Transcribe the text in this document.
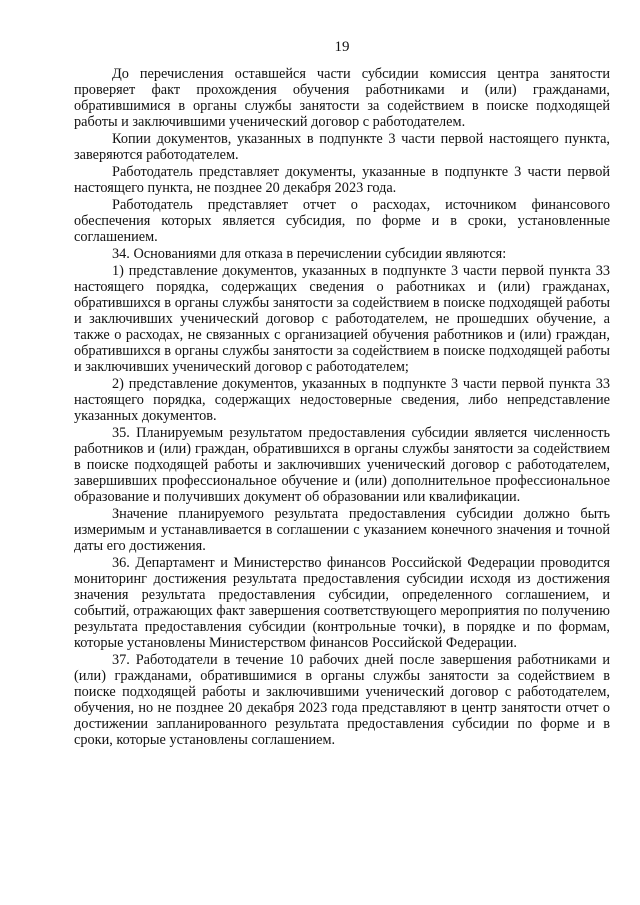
19

До перечисления оставшейся части субсидии комиссия центра занятости проверяет факт прохождения обучения работниками и (или) гражданами, обратившимися в органы службы занятости за содействием в поиске подходящей работы и заключившими ученический договор с работодателем.

Копии документов, указанных в подпункте 3 части первой настоящего пункта, заверяются работодателем.

Работодатель представляет документы, указанные в подпункте 3 части первой настоящего пункта, не позднее 20 декабря 2023 года.

Работодатель представляет отчет о расходах, источником финансового обеспечения которых является субсидия, по форме и в сроки, установленные соглашением.

34. Основаниями для отказа в перечислении субсидии являются:

1) представление документов, указанных в подпункте 3 части первой пункта 33 настоящего порядка, содержащих сведения о работниках и (или) гражданах, обратившихся в органы службы занятости за содействием в поиске подходящей работы и заключивших ученический договор с работодателем, не прошедших обучение, а также о расходах, не связанных с организацией обучения работников и (или) граждан, обратившихся в органы службы занятости за содействием в поиске подходящей работы и заключивших ученический договор с работодателем;

2) представление документов, указанных в подпункте 3 части первой пункта 33 настоящего порядка, содержащих недостоверные сведения, либо непредставление указанных документов.

35. Планируемым результатом предоставления субсидии является численность работников и (или) граждан, обратившихся в органы службы занятости за содействием в поиске подходящей работы и заключивших ученический договор с работодателем, завершивших профессиональное обучение и (или) дополнительное профессиональное образование и получивших документ об образовании или квалификации.

Значение планируемого результата предоставления субсидии должно быть измеримым и устанавливается в соглашении с указанием конечного значения и точной даты его достижения.

36. Департамент и Министерство финансов Российской Федерации проводится мониторинг достижения результата предоставления субсидии исходя из достижения значения результата предоставления субсидии, определенного соглашением, и событий, отражающих факт завершения соответствующего мероприятия по получению результата предоставления субсидии (контрольные точки), в порядке и по формам, которые установлены Министерством финансов Российской Федерации.

37. Работодатели в течение 10 рабочих дней после завершения работниками и (или) гражданами, обратившимися в органы службы занятости за содействием в поиске подходящей работы и заключившими ученический договор с работодателем, обучения, но не позднее 20 декабря 2023 года представляют в центр занятости отчет о достижении запланированного результата предоставления субсидии по форме и в сроки, которые установлены соглашением.
